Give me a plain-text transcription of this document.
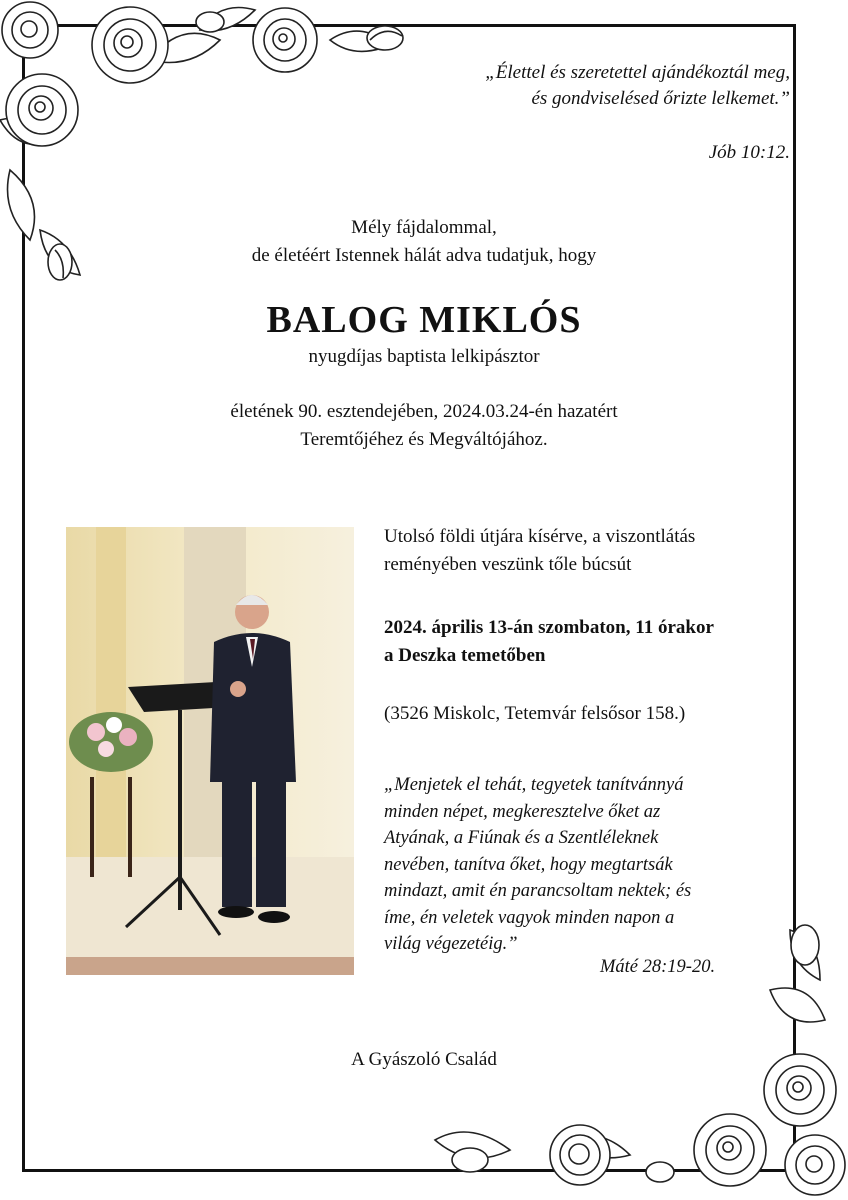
„Élettel és szeretettel ajándékoztál meg,
és gondviselésed őrizte lelkemet.”
Jób 10:12.
Mély fájdalommal,
de életéért Istennek hálát adva tudatjuk, hogy
BALOG MIKLÓS
nyugdíjas baptista lelkipásztor
életének 90. esztendejében, 2024.03.24-én hazatért
Teremtőjéhez és Megváltójához.
Utolsó földi útjára kísérve, a viszontlátás
reményében veszünk tőle búcsút
2024. április 13-án szombaton, 11 órakor
a Deszka temetőben
(3526 Miskolc, Tetemvár felsősor 158.)
„Menjetek el tehát, tegyetek tanítvánnyá
minden népet, megkeresztelve őket az
Atyának, a Fiúnak és a Szentléleknek
nevében, tanítva őket, hogy megtartsák
mindazt, amit én parancsoltam nektek; és
íme, én veletek vagyok minden napon a
világ végezetéig.”
Máté 28:19-20.
A Gyászoló Család
